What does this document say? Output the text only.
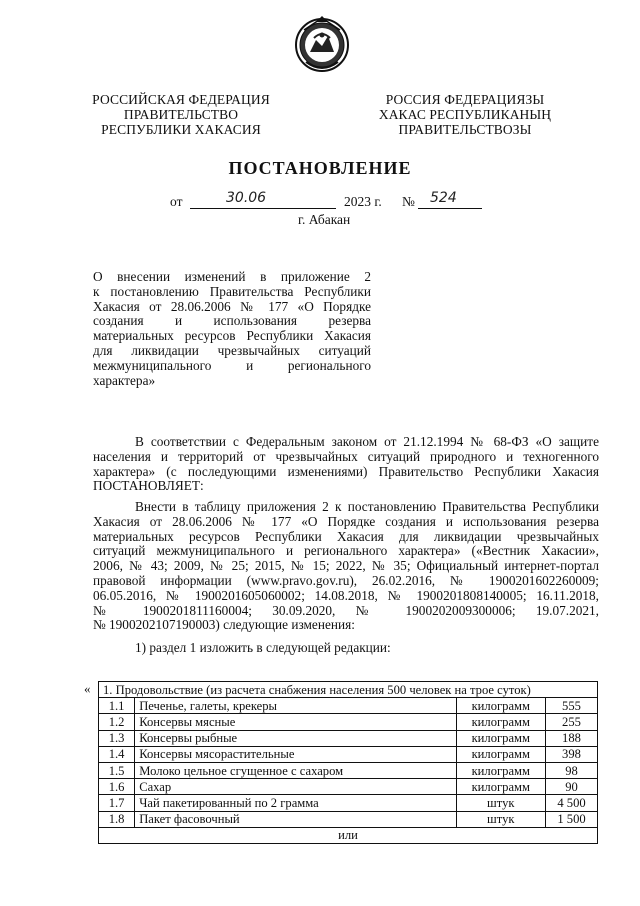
РОССИЙСКАЯ ФЕДЕРАЦИЯ
ПРАВИТЕЛЬСТВО
РЕСПУБЛИКИ ХАКАСИЯ
РОССИЯ ФЕДЕРАЦИЯЗЫ
ХАКАС РЕСПУБЛИКАНЫҢ
ПРАВИТЕЛЬСТВОЗЫ
ПОСТАНОВЛЕНИЕ
от	30.06	2023 г. № 524
г. Абакан
О внесении изменений в приложение 2
к постановлению Правительства Республики
Хакасия от 28.06.2006 № 177 «О Порядке
создания и использования резерва
материальных ресурсов Республики Хакасия
для ликвидации чрезвычайных ситуаций
межмуниципального и регионального
характера»
В соответствии с Федеральным законом от 21.12.1994 № 68-ФЗ «О защите
населения и территорий от чрезвычайных ситуаций природного и техногенного
характера» (с последующими изменениями) Правительство Республики Хакасия
ПОСТАНОВЛЯЕТ:
Внести в таблицу приложения 2 к постановлению Правительства Республики
Хакасия от 28.06.2006 № 177 «О Порядке создания и использования резерва
материальных ресурсов Республики Хакасия для ликвидации чрезвычайных
ситуаций межмуниципального и регионального характера» («Вестник Хакасии»,
2006, № 43; 2009, № 25; 2015, № 15; 2022, № 35; Официальный интернет-портал
правовой информации (www.pravo.gov.ru), 26.02.2016, № 1900201602260009;
06.05.2016, № 1900201605060002; 14.08.2018, № 1900201808140005; 16.11.2018,
№ 1900201811160004; 30.09.2020, № 1900202009300006; 19.07.2021,
№ 1900202107190003) следующие изменения:
1) раздел 1 изложить в следующей редакции:
« 1. Продовольствие (из расчета снабжения населения 500 человек на трое суток)			
1.1	Печенье, галеты, крекеры	килограмм	555
1.2	Консервы мясные	килограмм	255
1.3	Консервы рыбные	килограмм	188
1.4	Консервы мясорастительные	килограмм	398
1.5	Молоко цельное сгущенное с сахаром	килограмм	98
1.6	Сахар	килограмм	90
1.7	Чай пакетированный по 2 грамма	штук	4 500
1.8	Пакет фасовочный	штук	1 500
или			
